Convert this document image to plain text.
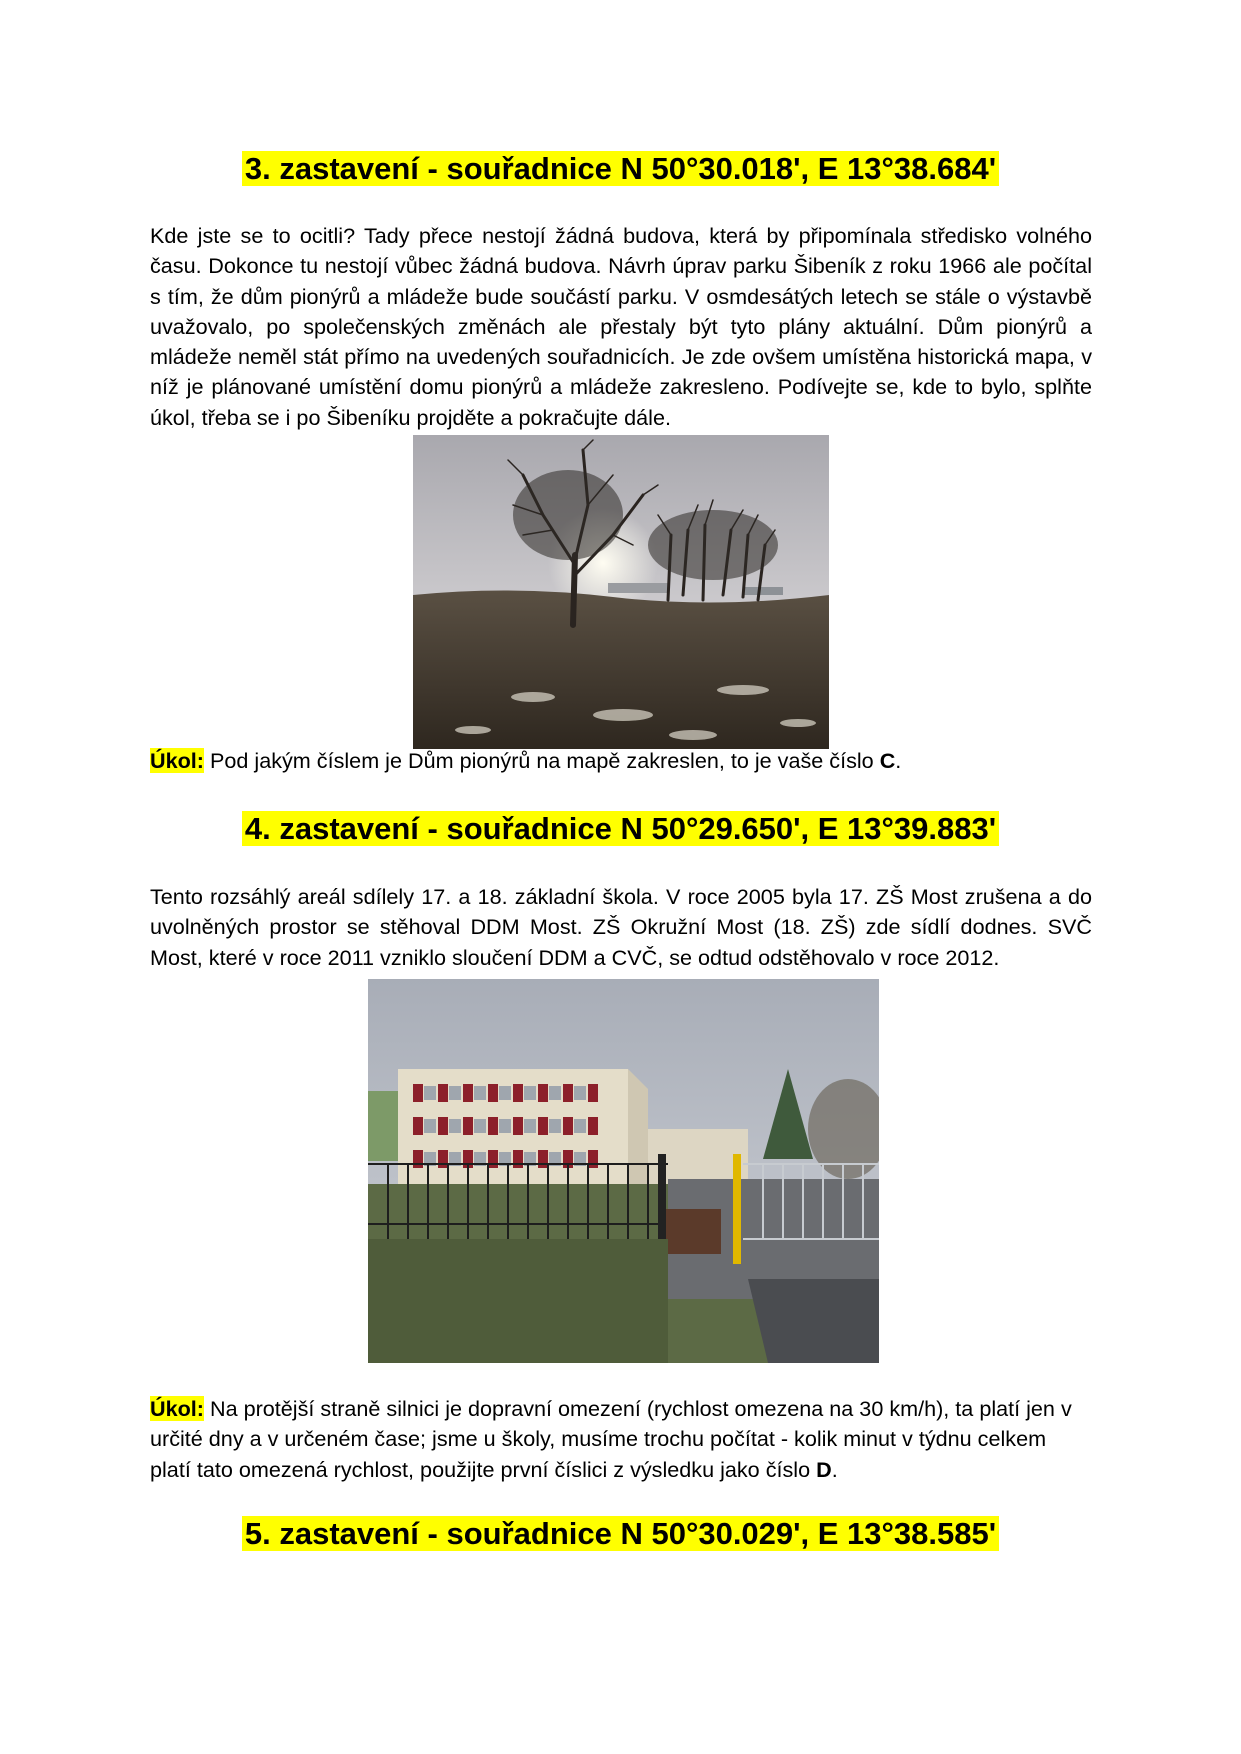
3. zastavení - souřadnice N 50°30.018', E 13°38.684'

Kde jste se to ocitli? Tady přece nestojí žádná budova, která by připomínala středisko volného času. Dokonce tu nestojí vůbec žádná budova. Návrh úprav parku Šibeník z roku 1966 ale počítal s tím, že dům pionýrů a mládeže bude součástí parku. V osmdesátých letech se stále o výstavbě uvažovalo, po společenských změnách ale přestaly být tyto plány aktuální. Dům pionýrů a mládeže neměl stát přímo na uvedených souřadnicích. Je zde ovšem umístěna historická mapa, v níž je plánované umístění domu pionýrů a mládeže zakresleno. Podívejte se, kde to bylo, splňte úkol, třeba se i po Šibeníku projděte a pokračujte dále.

Úkol: Pod jakým číslem je Dům pionýrů na mapě zakreslen, to je vaše číslo C.

4. zastavení - souřadnice N 50°29.650', E 13°39.883'

Tento rozsáhlý areál sdílely 17. a 18. základní škola. V roce 2005 byla 17. ZŠ Most zrušena a do uvolněných prostor se stěhoval DDM Most. ZŠ Okružní Most (18. ZŠ) zde sídlí dodnes. SVČ Most, které v roce 2011 vzniklo sloučení DDM a CVČ, se odtud odstěhovalo v roce 2012.

Úkol: Na protější straně silnici je dopravní omezení (rychlost omezena na 30 km/h), ta platí jen v určité dny a v určeném čase; jsme u školy, musíme trochu počítat - kolik minut v týdnu celkem platí tato omezená rychlost, použijte první číslici z výsledku jako číslo D.

5. zastavení - souřadnice N 50°30.029', E 13°38.585'
